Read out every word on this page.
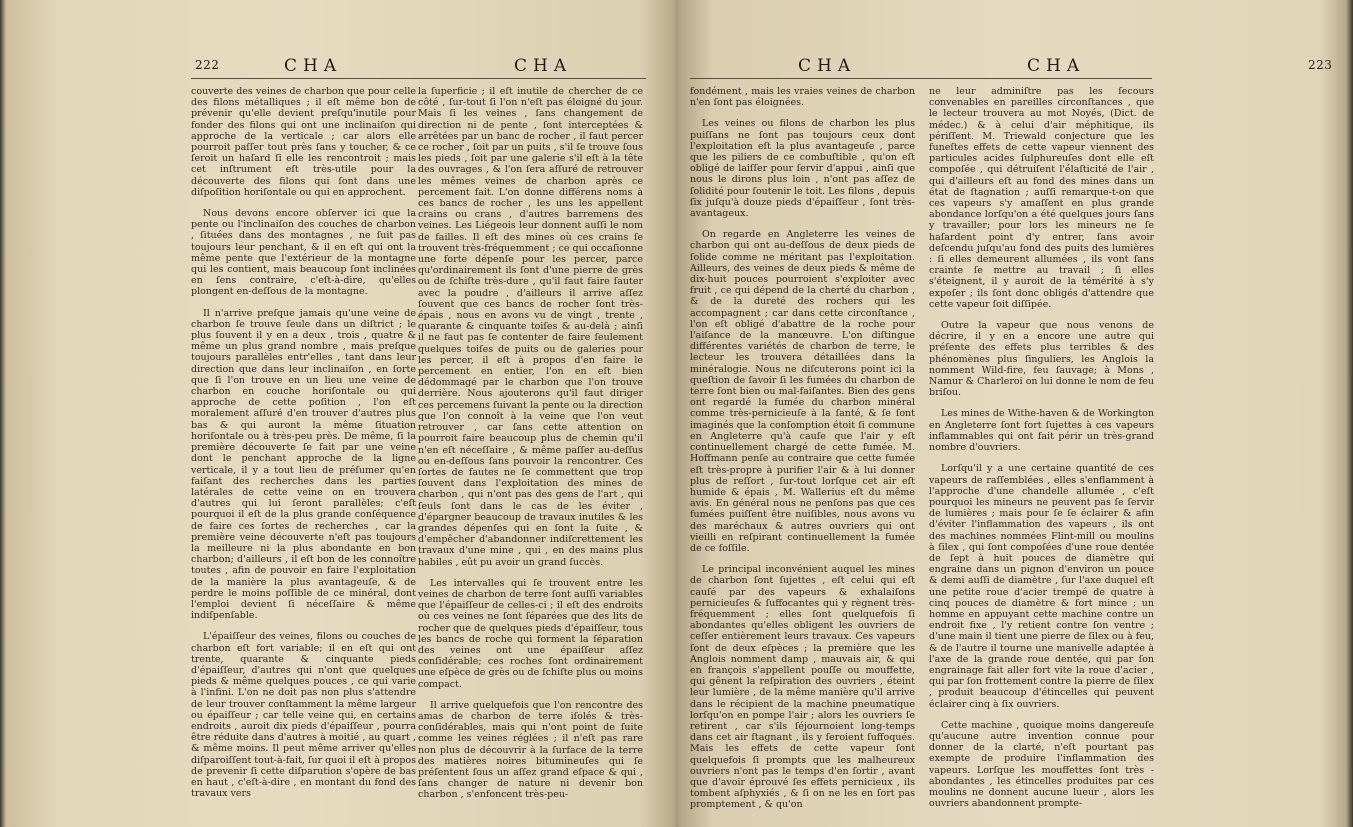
222	CHA	CHA

couverte des veines de charbon que pour celle des filons métalliques ; il eſt même bon de prévenir qu'elle devient preſqu'inutile pour fonder des filons qui ont une inclinaiſon qui approche de la verticale ; car alors elle pourroit paſſer tout près ſans y toucher, & ce ſeroit un haſard ſi elle les rencontroit ; mais cet inſtrument eſt très-utile pour la découverte des filons qui ſont dans une diſpoſition horiſontale ou qui en approchent.

Nous devons encore obſerver ici que la pente ou l'inclinaiſon des couches de charbon , ſituées dans des montagnes , ne ſuit pas toujours leur penchant, & il en eſt qui ont la même pente que l'extérieur de la montagne qui les contient, mais beaucoup ſont inclinées en ſens contraire, c'eſt-à-dire, qu'elles plongent en-deſſous de la montagne.

Il n'arrive preſque jamais qu'une veine de charbon ſe trouve ſeule dans un diſtrict ; le plus ſouvent il y en a deux , trois , quatre & même un plus grand nombre , mais preſque toujours parallèles entr'elles , tant dans leur direction que dans leur inclinaiſon , en ſorte que ſi l'on trouve en un lieu une veine de charbon en couche horiſontale ou qui approche de cette poſition , l'on eſt moralement aſſuré d'en trouver d'autres plus bas & qui auront la même ſituation horiſontale ou à très-peu près. De même, ſi la première découverte ſe fait par une veine dont le penchant approche de la ligne verticale, il y a tout lieu de préſumer qu'en faiſant des recherches dans les parties latérales de cette veine on en trouvera d'autres qui lui ſeront parallèles; c'eſt pourquoi il eſt de la plus grande conſéquence de faire ces ſortes de recherches , car la première veine découverte n'eſt pas toujours la meilleure ni la plus abondante en bon charbon; d'ailleurs , il eſt bon de les connoître toutes , afin de pouvoir en faire l'exploitation de la manière la plus avantageuſe, & de perdre le moins poſſible de ce minéral, dont l'emploi devient ſi néceſſaire & même indiſpenſable.

L'épaiſſeur des veines, filons ou couches de charbon eſt fort variable; il en eſt qui ont trente, quarante & cinquante pieds d'épaiſſeur, d'autres qui n'ont que quelques pieds & même quelques pouces , ce qui varie à l'infini. L'on ne doit pas non plus s'attendre de leur trouver conſtamment la même largeur ou épaiſſeur ; car telle veine qui, en certains endroits , auroit dix pieds d'épaiſſeur , pourra être réduite dans d'autres à moitié , au quart , & même moins. Il peut même arriver qu'elles diſparoiſſent tout-à-fait, ſur quoi il eſt à propos de prevenir ſi cette diſparution s'opère de bas en haut , c'eſt-à-dire , en montant du fond des travaux vers

la ſuperficie ; il eſt inutile de chercher de ce côté , ſur-tout ſi l'on n'eſt pas éloigné du jour. Mais ſi les veines , ſans changement de direction ni de pente , ſont interceptées & arrêtées par un banc de rocher , il faut percer ce rocher , ſoit par un puits , s'il ſe trouve ſous les pieds , ſoit par une galerie s'il eſt à la tête des ouvrages , & l'on ſera aſſuré de retrouver les mêmes veines de charbon après ce percement fait. L'on donne différens noms à ces bancs de rocher , les uns les appellent crains ou crans , d'autres barremens des veines. Les Liégeois leur donnent auſſi le nom de failles. Il eſt des mines où ces crains ſe trouvent très-fréquemment ; ce qui occaſionne une forte dépenſe pour les percer, parce qu'ordinairement ils ſont d'une pierre de grès ou de ſchiſte très-dure , qu'il faut faire ſauter avec la poudre , d'ailleurs il arrive aſſez ſouvent que ces bancs de rocher ſont très-épais , nous en avons vu de vingt , trente , quarante & cinquante toiſes & au-delà ; ainſi il ne faut pas ſe contenter de faire ſeulement quelques toiſes de puits ou de galeries pour les percer, il eſt à propos d'en faire le percement en entier, l'on en eſt bien dédommagé par le charbon que l'on trouve derrière. Nous ajouterons qu'il faut diriger ces percemens ſuivant la pente ou la direction que l'on connoît à la veine que l'on veut retrouver , car ſans cette attention on pourroit faire beaucoup plus de chemin qu'il n'en eſt néceſſaire , & même paſſer au-deſſus ou en-deſſous ſans pouvoir la rencontrer. Ces ſortes de fautes ne ſe commettent que trop ſouvent dans l'exploitation des mines de charbon , qui n'ont pas des gens de l'art , qui ſeuls ſont dans le cas de les éviter , d'épargner beaucoup de travaux inutiles & les grandes dépenſes qui en ſont la ſuite , & d'empêcher d'abandonner indiſcrettement les travaux d'une mine , qui , en des mains plus habiles , eût pu avoir un grand ſuccès.

Les intervalles qui ſe trouvent entre les veines de charbon de terre ſont auſſi variables que l'épaiſſeur de celles-ci ; il eſt des endroits où ces veines ne ſont ſéparées que des lits de rocher que de quelques pieds d'épaiſſeur, tous les bancs de roche qui forment la ſéparation des veines ont une épaiſſeur aſſez conſidérable; ces roches ſont ordinairement une eſpèce de grès ou de ſchiſte plus ou moins compact.

Il arrive quelquefois que l'on rencontre des amas de charbon de terre iſolés & très-conſidérables, mais qui n'ont point de ſuite comme les veines réglées ; il n'eſt pas rare non plus de découvrir à la ſurface de la terre des matières noires bitumineuſes qui ſe préſentent ſous un aſſez grand eſpace & qui , ſans changer de nature ni devenir bon charbon , s'enfoncent très-peu-

CHA	CHA	223

fondément , mais les vraies veines de charbon n'en ſont pas éloignées.

Les veines ou filons de charbon les plus puiſſans ne ſont pas toujours ceux dont l'exploitation eſt la plus avantageuſe , parce que les piliers de ce combuſtible , qu'on eſt obligé de laiſſer pour ſervir d'appui , ainſi que nous le dirons plus loin , n'ont pas aſſez de ſolidité pour ſoutenir le toit. Les filons , depuis ſix juſqu'à douze pieds d'épaiſſeur , ſont très-avantageux.

On regarde en Angleterre les veines de charbon qui ont au-deſſous de deux pieds de ſolide comme ne méritant pas l'exploitation. Ailleurs, des veines de deux pieds & même de dix-huit pouces pourroient s'exploiter avec fruit , ce qui dépend de la cherté du charbon , & de la dureté des rochers qui les accompagnent ; car dans cette circonſtance , l'on eſt obligé d'abattre de la roche pour l'aiſance de la manœuvre. L'on diſtingue différentes variétés de charbon de terre, le lecteur les trouvera détaillées dans la minéralogie. Nous ne diſcuterons point ici la queſtion de ſavoir ſi les fumées du charbon de terre ſont bien ou mal-faiſantes. Bien des gens ont regardé la fumée du charbon minéral comme très-pernicieuſe à la ſanté, & ſe ſont imaginés que la conſomption étoit ſi commune en Angleterre qu'à cauſe que l'air y eſt continuellement chargé de cette fumée. M. Hoffmann penſe au contraire que cette fumée eſt très-propre à purifier l'air & à lui donner plus de reſſort , ſur-tout lorſque cet air eſt humide & épais , M. Wallerius eſt du même avis. En général nous ne penſons pas que ces fumées puiſſent être nuiſibles, nous avons vu des maréchaux & autres ouvriers qui ont vieilli en reſpirant continuellement la fumée de ce foſſile.

Le principal inconvénient auquel les mines de charbon ſont ſujettes , eſt celui qui eſt cauſé par des vapeurs & exhalaiſons pernicieuſes & ſuffocantes qui y règnent très-fréquemment ; elles ſont quelquefois ſi abondantes qu'elles obligent les ouvriers de ceſſer entièrement leurs travaux. Ces vapeurs ſont de deux eſpèces ; la première que les Anglois nomment damp , mauvais air, & qui en françois s'appellent pouſſe ou mouffette, qui gênent la reſpiration des ouvriers , éteint leur lumière , de la même manière qu'il arrive dans le récipient de la machine pneumatique lorſqu'on en pompe l'air ; alors les ouvriers ſe retirent , car s'ils ſéjournoient long-temps dans cet air ſtagnant , ils y ſeroient ſuffoqués. Mais les effets de cette vapeur ſont quelquefois ſi prompts que les malheureux ouvriers n'ont pas le temps d'en ſortir , avant que d'avoir éprouvé ſes effets pernicieux , ils tombent aſphyxiés , & ſi on ne les en ſort pas promptement , & qu'on

ne leur adminiſtre pas les ſecours convenables en pareilles circonſtances , que le lecteur trouvera au mot Noyés, (Dict. de médec.) & à celui d'air méphitique, ils périſſent. M. Triewald conjecture que les funeſtes effets de cette vapeur viennent des particules acides ſulphureuſes dont elle eſt compoſée , qui détruiſent l'élaſticité de l'air , qui d'ailleurs eſt au fond des mines dans un état de ſtagnation ; auſſi remarque-t-on que ces vapeurs s'y amaſſent en plus grande abondance lorſqu'on a été quelques jours ſans y travailler; pour lors les mineurs ne ſe haſardent point d'y entrer, ſans avoir deſcendu juſqu'au fond des puits des lumières : ſi elles demeurent allumées , ils vont ſans crainte ſe mettre au travail ; ſi elles s'éteignent, il y auroit de la témérité à s'y expoſer ; ils ſont donc obligés d'attendre que cette vapeur ſoit diſſipée.

Outre la vapeur que nous venons de décrire, il y en a encore une autre qui préſente des effets plus terribles & des phénomènes plus ſinguliers, les Anglois la nomment Wild-fire, feu ſauvage; à Mons , Namur & Charleroi on lui donne le nom de feu briſou.

Les mines de Withe-haven & de Workington en Angleterre ſont fort ſujettes à ces vapeurs inflammables qui ont fait périr un très-grand nombre d'ouvriers.

Lorſqu'il y a une certaine quantité de ces vapeurs de raſſemblées , elles s'enflamment à l'approche d'une chandelle allumée , c'eſt pourquoi les mineurs ne peuvent pas ſe ſervir de lumières ; mais pour ſe ſe éclairer & afin d'éviter l'inflammation des vapeurs , ils ont des machines nommées Flint-mill ou moulins à ſilex , qui ſont compoſées d'une roue dentée de ſept à huit pouces de diamètre qui engraine dans un pignon d'environ un pouce & demi auſſi de diamètre , ſur l'axe duquel eſt une petite roue d'acier trempé de quatre à cinq pouces de diamètre & fort mince ; un homme en appuyant cette machine contre un endroit fixe , l'y retient contre ſon ventre ; d'une main il tient une pierre de ſilex ou à feu, & de l'autre il tourne une manivelle adaptée à l'axe de la grande roue dentée, qui par ſon engrainage fait aller fort vite la roue d'acier , qui par ſon frottement contre la pierre de ſilex , produit beaucoup d'étincelles qui peuvent éclairer cinq à ſix ouvriers.

Cette machine , quoique moins dangereuſe qu'aucune autre invention connue pour donner de la clarté, n'eſt pourtant pas exempte de produire l'inflammation des vapeurs. Lorſque les mouffettes ſont très - abondantes , les étincelles produites par ces moulins ne donnent aucune lueur , alors les ouvriers abandonnent prompte-
